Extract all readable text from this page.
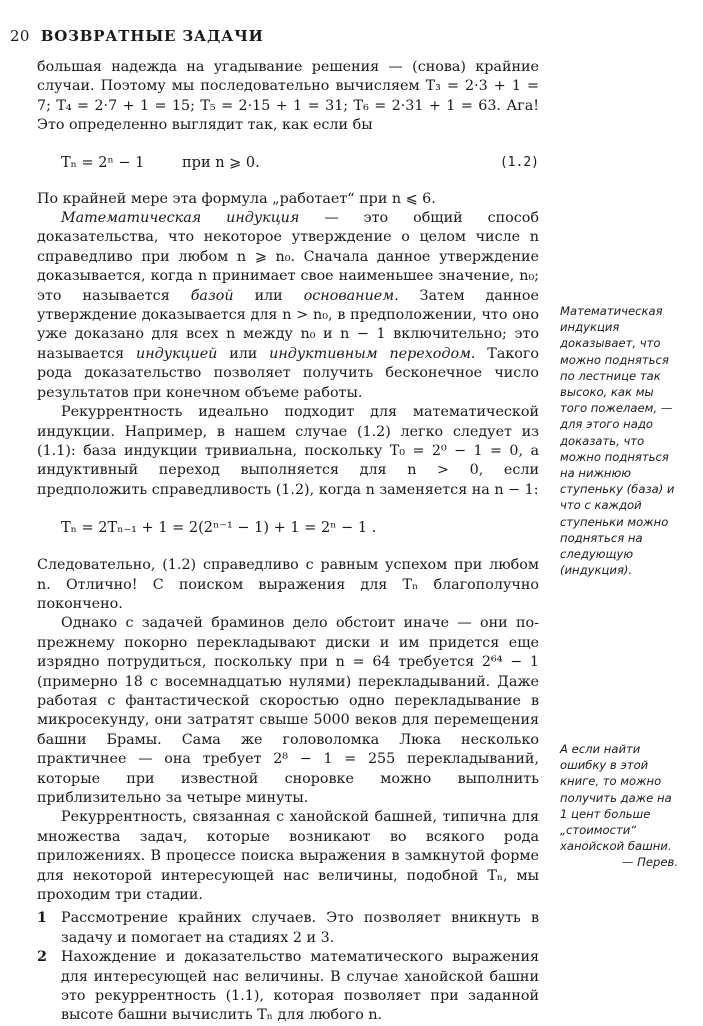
20 ВОЗВРАТНЫЕ ЗАДАЧИ

большая надежда на угадывание решения — (снова) крайние случаи. Поэтому мы последовательно вычисляем T₃ = 2·3 + 1 = 7; T₄ = 2·7 + 1 = 15; T₅ = 2·15 + 1 = 31; T₆ = 2·31 + 1 = 63. Ага! Это определенно выглядит так, как если бы

Tₙ = 2ⁿ − 1	при n ⩾ 0.	(1.2)

По крайней мере эта формула „работает“ при n ⩽ 6.

Математическая индукция — это общий способ доказательства, что некоторое утверждение о целом числе n справедливо при любом n ⩾ n₀. Сначала данное утверждение доказывается, когда n принимает свое наименьшее значение, n₀; это называется базой или основанием. Затем данное утверждение доказывается для n > n₀, в предположении, что оно уже доказано для всех n между n₀ и n − 1 включительно; это называется индукцией или индуктивным переходом. Такого рода доказательство позволяет получить бесконечное число результатов при конечном объеме работы.

Рекуррентность идеально подходит для математической индукции. Например, в нашем случае (1.2) легко следует из (1.1): база индукции тривиальна, поскольку T₀ = 2⁰ − 1 = 0, а индуктивный переход выполняется для n > 0, если предположить справедливость (1.2), когда n заменяется на n − 1:

Tₙ = 2Tₙ₋₁ + 1 = 2(2ⁿ⁻¹ − 1) + 1 = 2ⁿ − 1 .

Следовательно, (1.2) справедливо с равным успехом при любом n. Отлично! С поиском выражения для Tₙ благополучно покончено.

Однако с задачей браминов дело обстоит иначе — они по-прежнему покорно перекладывают диски и им придется еще изрядно потрудиться, поскольку при n = 64 требуется 2⁶⁴ − 1 (примерно 18 с восемнадцатью нулями) перекладываний. Даже работая с фантастической скоростью одно перекладывание в микросекунду, они затратят свыше 5000 веков для перемещения башни Брамы. Сама же головоломка Люка несколько практичнее — она требует 2⁸ − 1 = 255 перекладываний, которые при известной сноровке можно выполнить приблизительно за четыре минуты.

Рекуррентность, связанная с ханойской башней, типична для множества задач, которые возникают во всякого рода приложениях. В процессе поиска выражения в замкнутой форме для некоторой интересующей нас величины, подобной Tₙ, мы проходим три стадии.

1 Рассмотрение крайних случаев. Это позволяет вникнуть в задачу и помогает на стадиях 2 и 3.
2 Нахождение и доказательство математического выражения для интересующей нас величины. В случае ханойской башни это рекуррентность (1.1), которая позволяет при заданной высоте башни вычислить Tₙ для любого n.
Математическая индукция доказывает, что можно подняться по лестнице так высоко, как мы того пожелаем, — для этого надо доказать, что можно подняться на нижнюю ступеньку (база) и что с каждой ступеньки можно подняться на следующую (индукция).
А если найти ошибку в этой книге, то можно получить даже на 1 цент больше „стоимости“ ханойской башни.
— Перев.
